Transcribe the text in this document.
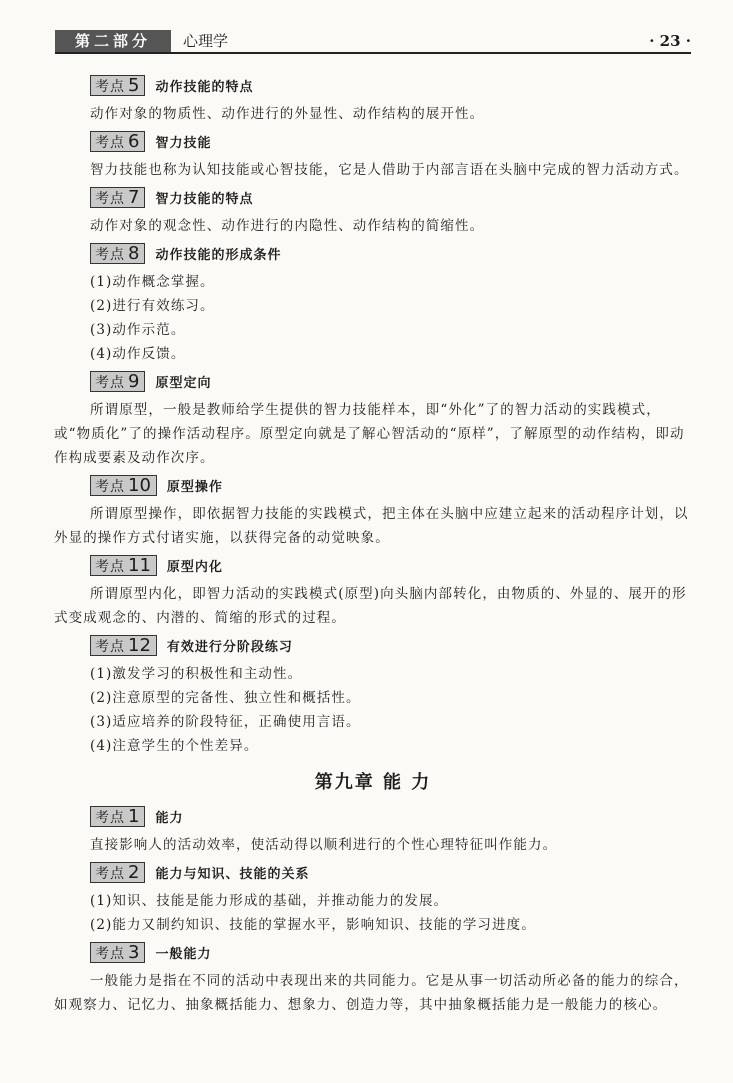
第二部分	心理学	· 23 ·
考点 5 动作技能的特点

动作对象的物质性、动作进行的外显性、动作结构的展开性。

考点 6 智力技能

智力技能也称为认知技能或心智技能，它是人借助于内部言语在头脑中完成的智力活动方式。

考点 7 智力技能的特点

动作对象的观念性、动作进行的内隐性、动作结构的简缩性。

考点 8 动作技能的形成条件

(1)动作概念掌握。

(2)进行有效练习。

(3)动作示范。

(4)动作反馈。

考点 9 原型定向

所谓原型，一般是教师给学生提供的智力技能样本，即“外化”了的智力活动的实践模式，或“物质化”了的操作活动程序。原型定向就是了解心智活动的“原样”，了解原型的动作结构，即动作构成要素及动作次序。

考点 10 原型操作

所谓原型操作，即依据智力技能的实践模式，把主体在头脑中应建立起来的活动程序计划，以外显的操作方式付诸实施，以获得完备的动觉映象。

考点 11 原型内化

所谓原型内化，即智力活动的实践模式(原型)向头脑内部转化，由物质的、外显的、展开的形式变成观念的、内潜的、简缩的形式的过程。

考点 12 有效进行分阶段练习

(1)激发学习的积极性和主动性。

(2)注意原型的完备性、独立性和概括性。

(3)适应培养的阶段特征，正确使用言语。

(4)注意学生的个性差异。

第九章 能 力
考点 1 能力

直接影响人的活动效率，使活动得以顺利进行的个性心理特征叫作能力。

考点 2 能力与知识、技能的关系

(1)知识、技能是能力形成的基础，并推动能力的发展。

(2)能力又制约知识、技能的掌握水平，影响知识、技能的学习进度。

考点 3 一般能力

一般能力是指在不同的活动中表现出来的共同能力。它是从事一切活动所必备的能力的综合，如观察力、记忆力、抽象概括能力、想象力、创造力等，其中抽象概括能力是一般能力的核心。
